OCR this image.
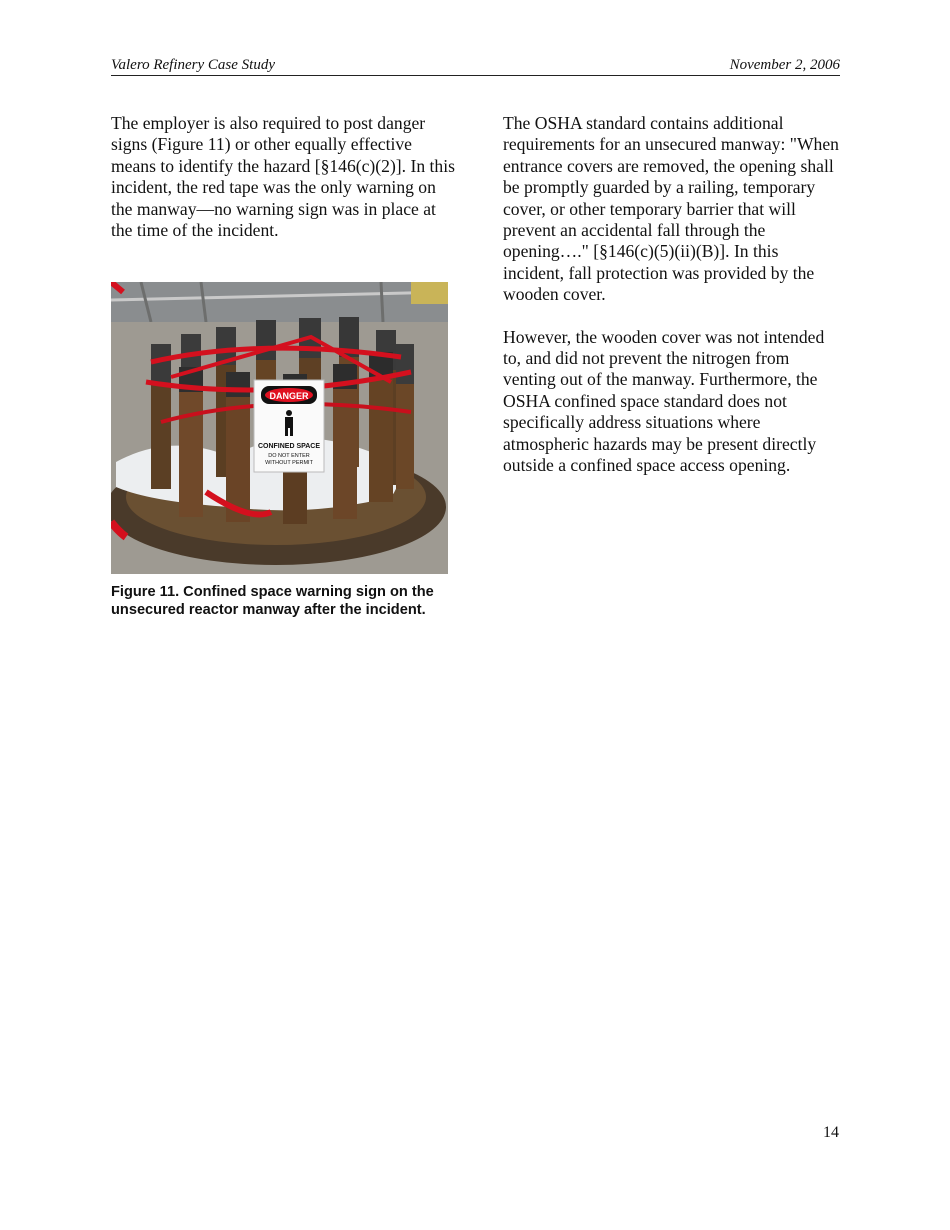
Valero Refinery Case Study	November 2, 2006

The employer is also required to post danger signs (Figure 11) or other equally effective means to identify the hazard [§146(c)(2)]. In this incident, the red tape was the only warning on the manway—no warning sign was in place at the time of the incident.

The OSHA standard contains additional requirements for an unsecured manway: "When entrance covers are removed, the opening shall be promptly guarded by a railing, temporary cover, or other temporary barrier that will prevent an accidental fall through the opening…." [§146(c)(5)(ii)(B)]. In this incident, fall protection was provided by the wooden cover.

However, the wooden cover was not intended to, and did not prevent the nitrogen from venting out of the manway. Furthermore, the OSHA confined space standard does not specifically address situations where atmospheric hazards may be present directly outside a confined space access opening.

DANGER
CONFINED SPACE
DO NOT ENTER
WITHOUT PERMIT

Figure 11. Confined space warning sign on the unsecured reactor manway after the incident.

14
